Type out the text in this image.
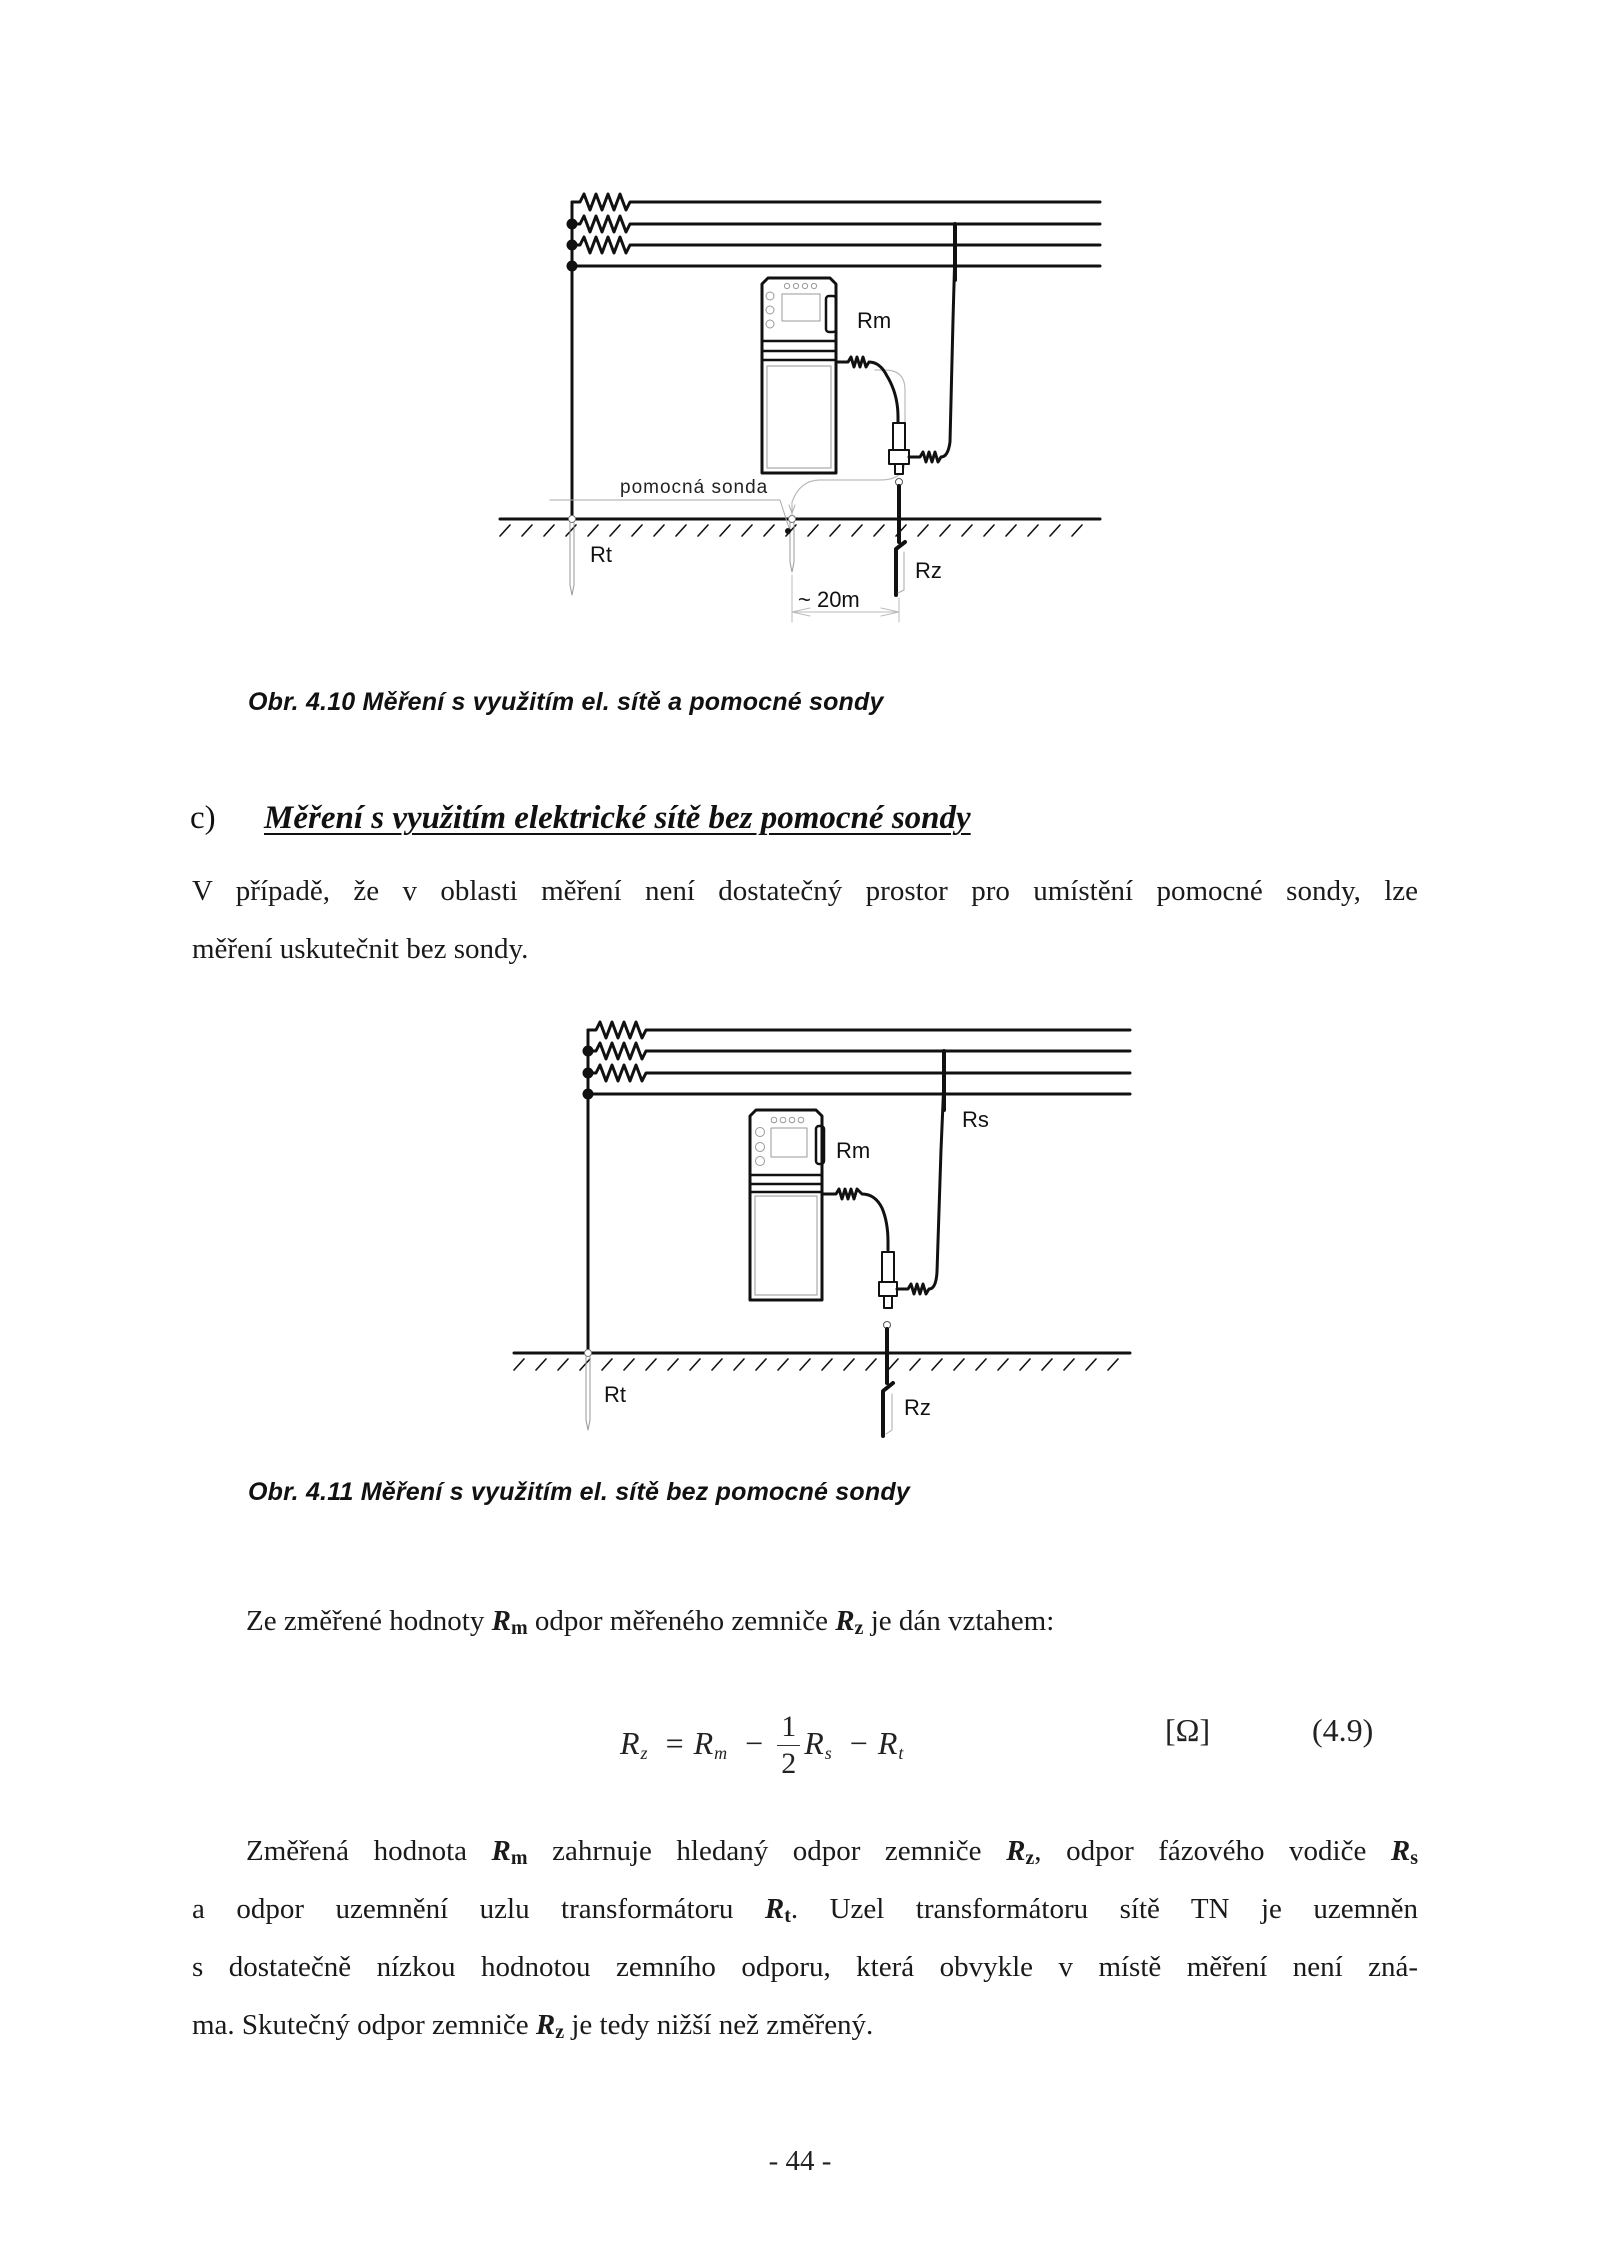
Rm
pomocná sonda
Rt
Rz
~ 20m
Obr. 4.10 Měření s využitím el. sítě a pomocné sondy
c)	Měření s využitím elektrické sítě bez pomocné sondy
V případě, že v oblasti měření není dostatečný prostor pro umístění pomocné sondy, lze
měření uskutečnit bez sondy.
Rs
Rm
Rt
Rz
Obr. 4.11 Měření s využitím el. sítě bez pomocné sondy
Ze změřené hodnoty $R_m$ odpor měřeného zemniče $R_z$ je dán vztahem:
R z = R $m - \frac{1}{2}$ R s − R t
[Ω]	(4.9)
Změřená hodnota $R_m$ zahrnuje hledaný odpor zemniče $R_z$, odpor fázového vodiče $R_s$
a odpor uzemnění uzlu transformátoru $R_t$. Uzel transformátoru sítě TN je uzemněn
s dostatečně nízkou hodnotou zemního odporu, která obvykle v místě měření není zná-
ma. Skutečný odpor zemniče $R_z$ je tedy nižší než změřený.
- 44 -
